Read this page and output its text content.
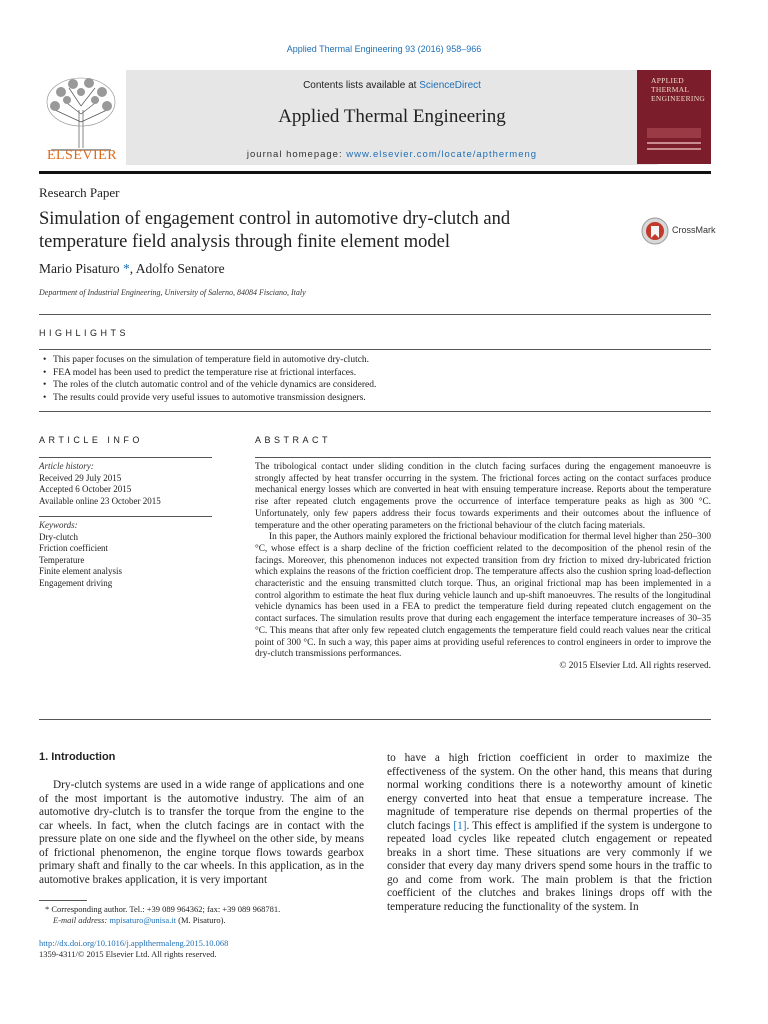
Applied Thermal Engineering 93 (2016) 958–966
ELSEVIER
Contents lists available at ScienceDirect
Applied Thermal Engineering
journal homepage: www.elsevier.com/locate/apthermeng
APPLIED
THERMAL
ENGINEERING
Research Paper
Simulation of engagement control in automotive dry-clutch and temperature field analysis through finite element model
CrossMark
Mario Pisaturo *, Adolfo Senatore
Department of Industrial Engineering, University of Salerno, 84084 Fisciano, Italy
HIGHLIGHTS
• This paper focuses on the simulation of temperature field in automotive dry-clutch.
• FEA model has been used to predict the temperature rise at frictional interfaces.
• The roles of the clutch automatic control and of the vehicle dynamics are considered.
• The results could provide very useful issues to automotive transmission designers.
ARTICLE INFO
Article history:
Received 29 July 2015
Accepted 6 October 2015
Available online 23 October 2015
Keywords:
Dry-clutch
Friction coefficient
Temperature
Finite element analysis
Engagement driving
ABSTRACT

The tribological contact under sliding condition in the clutch facing surfaces during the engagement manoeuvre is strongly affected by heat transfer occurring in the system. The frictional forces acting on the contact surfaces produce mechanical energy losses which are converted in heat with ensuing temperature increase. Reports about the temperature rise after repeated clutch engagements prove the occurrence of interface temperature peaks as high as 300 °C. Unfortunately, only few papers address their focus towards experiments and their outcomes about the influence of temperature and the other operating parameters on the frictional behaviour of the clutch facing materials.

In this paper, the Authors mainly explored the frictional behaviour modification for thermal level higher than 250–300 °C, whose effect is a sharp decline of the friction coefficient related to the decomposition of the phenol resin of the facings. Moreover, this phenomenon induces not expected transition from dry friction to mixed dry-lubricated friction which explains the reasons of the friction coefficient drop. The temperature affects also the cushion spring load-deflection characteristic and the ensuing transmitted clutch torque. Thus, an original frictional map has been implemented in a control algorithm to estimate the heat flux during vehicle launch and up-shift manoeuvres. The results of the longitudinal vehicle dynamics has been used in a FEA to predict the temperature field during repeated clutch engagement on the contact surfaces. The simulation results prove that during each engagement the interface temperature increases of 30–35 °C. This means that after only few repeated clutch engagements the temperature field could reach values near the critical point of 300 °C. In such a way, this paper aims at providing useful references to control engineers in order to improve the dry-clutch transmissions performances.

© 2015 Elsevier Ltd. All rights reserved.
1. Introduction
Dry-clutch systems are used in a wide range of applications and one of the most important is the automotive industry. The aim of an automotive dry-clutch is to transfer the torque from the engine to the car wheels. In fact, when the clutch facings are in contact with the pressure plate on one side and the flywheel on the other side, by means of frictional phenomenon, the engine torque flows towards gearbox primary shaft and finally to the car wheels. In this application, as in the automotive brakes application, it is very important
to have a high friction coefficient in order to maximize the effectiveness of the system. On the other hand, this means that during normal working conditions there is a noteworthy amount of kinetic energy converted into heat that ensue a temperature increase. The magnitude of temperature rise depends on thermal properties of the clutch facings [1]. This effect is amplified if the system is undergone to repeated load cycles like repeated clutch engagement or repeated breaks in a short time. These situations are very commonly if we consider that every day many drivers spend some hours in the traffic to go and come from work. The main problem is that the friction coefficient of the clutches and brakes linings drops off with the temperature reducing the functionality of the system. In
* Corresponding author. Tel.: +39 089 964362; fax: +39 089 968781.
E-mail address: mpisaturo@unisa.it (M. Pisaturo).
http://dx.doi.org/10.1016/j.applthermaleng.2015.10.068
1359-4311/© 2015 Elsevier Ltd. All rights reserved.
